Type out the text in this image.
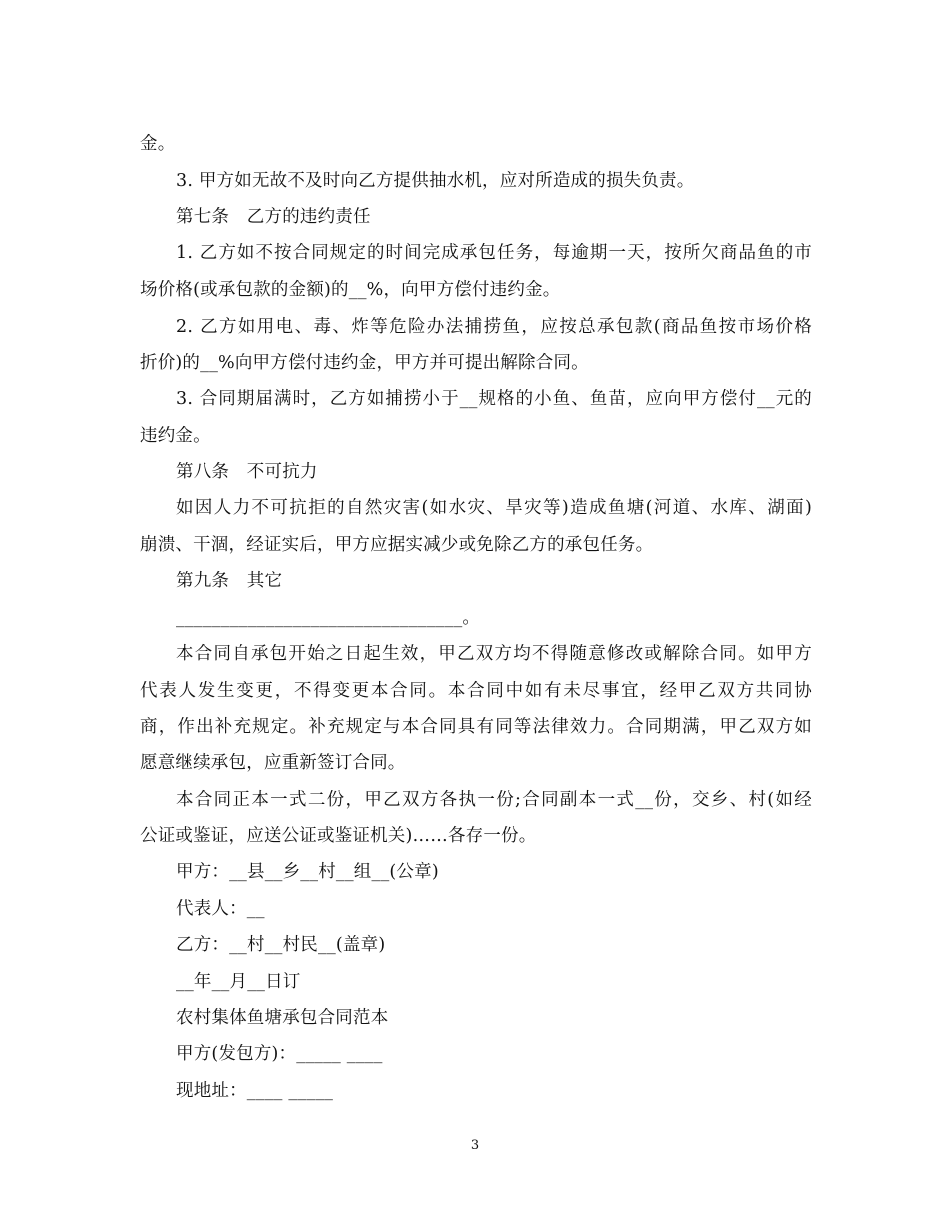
金。
3. 甲方如无故不及时向乙方提供抽水机，应对所造成的损失负责。
第七条　乙方的违约责任
1. 乙方如不按合同规定的时间完成承包任务，每逾期一天，按所欠商品鱼的市
场价格(或承包款的金额)的__%，向甲方偿付违约金。
2. 乙方如用电、毒、炸等危险办法捕捞鱼，应按总承包款(商品鱼按市场价格
折价)的__%向甲方偿付违约金，甲方并可提出解除合同。
3. 合同期届满时，乙方如捕捞小于__规格的小鱼、鱼苗，应向甲方偿付__元的
违约金。
第八条　不可抗力
如因人力不可抗拒的自然灾害(如水灾、旱灾等)造成鱼塘(河道、水库、湖面)
崩溃、干涸，经证实后，甲方应据实减少或免除乙方的承包任务。
第九条　其它
________________________________。
本合同自承包开始之日起生效，甲乙双方均不得随意修改或解除合同。如甲方
代表人发生变更，不得变更本合同。本合同中如有未尽事宜，经甲乙双方共同协
商，作出补充规定。补充规定与本合同具有同等法律效力。合同期满，甲乙双方如
愿意继续承包，应重新签订合同。
本合同正本一式二份，甲乙双方各执一份;合同副本一式__份，交乡、村(如经
公证或鉴证，应送公证或鉴证机关)……各存一份。
甲方：__县__乡__村__组__(公章)
代表人：__
乙方：__村__村民__(盖章)
__年__月__日订
农村集体鱼塘承包合同范本
甲方(发包方)：_____ ____
现地址：____ _____
3
